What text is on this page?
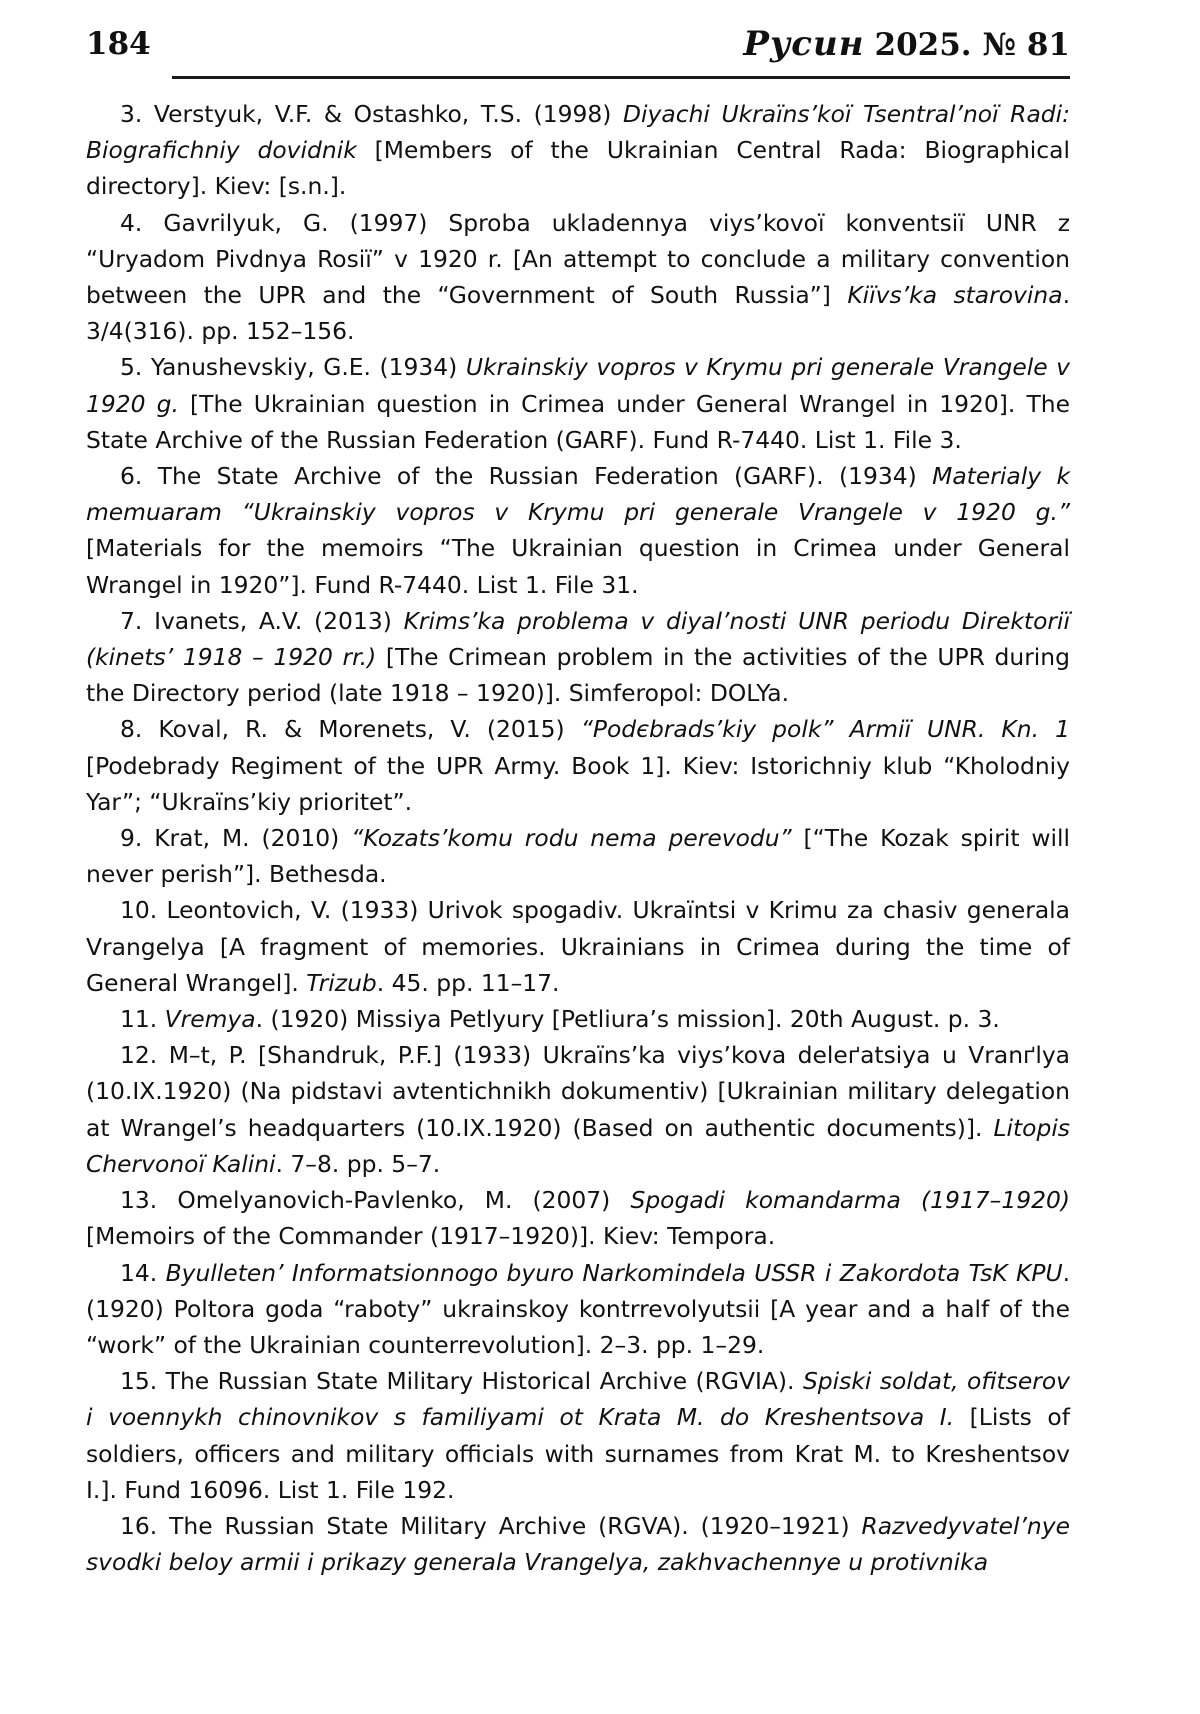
184	Русин 2025. № 81
3. Verstyuk, V.F. & Ostashko, T.S. (1998) Diyachi Ukraïns’koï Tsentral’noï Radi: Biografichniy dovidnik [Members of the Ukrainian Central Rada: Biographical directory]. Kiev: [s.n.].
4. Gavrilyuk, G. (1997) Sproba ukladennya viys’kovoï konventsiï UNR z “Uryadom Pivdnya Rosiï” v 1920 r. [An attempt to conclude a military convention between the UPR and the “Government of South Russia”] Kiïvs’ka starovina. 3/4(316). pp. 152–156.
5. Yanushevskiy, G.E. (1934) Ukrainskiy vopros v Krymu pri generale Vrangele v 1920 g. [The Ukrainian question in Crimea under General Wrangel in 1920]. The State Archive of the Russian Federation (GARF). Fund R-7440. List 1. File 3.
6. The State Archive of the Russian Federation (GARF). (1934) Materialy k memuaram “Ukrainskiy vopros v Krymu pri generale Vrangele v 1920 g.” [Materials for the memoirs “The Ukrainian question in Crimea under General Wrangel in 1920”]. Fund R-7440. List 1. File 31.
7. Ivanets, A.V. (2013) Krims’ka problema v diyal’nosti UNR periodu Direktoriï (kinets’ 1918 – 1920 rr.) [The Crimean problem in the activities of the UPR during the Directory period (late 1918 – 1920)]. Simferopol: DOLYa.
8. Koval, R. & Morenets, V. (2015) “Podєbrads’kiy polk” Armiï UNR. Kn. 1 [Podebrady Regiment of the UPR Army. Book 1]. Kiev: Istorichniy klub “Kholodniy Yar”; “Ukraïns’kiy prioritet”.
9. Krat, M. (2010) “Kozats’komu rodu nema perevodu” [“The Kozak spirit will never perish”]. Bethesda.
10. Leontovich, V. (1933) Urivok spogadiv. Ukraïntsi v Krimu za chasiv generala Vrangelya [A fragment of memories. Ukrainians in Crimea during the time of General Wrangel]. Trizub. 45. pp. 11–17.
11. Vremya. (1920) Missiya Petlyury [Petliura’s mission]. 20th August. p. 3.
12. M–t, P. [Shandruk, P.F.] (1933) Ukraïns’ka viys’kova deleґatsiya u Vranґlya (10.IX.1920) (Na pidstavi avtentichnikh dokumentiv) [Ukrainian military delegation at Wrangel’s headquarters (10.IX.1920) (Based on authentic documents)]. Litopis Chervonoï Kalini. 7–8. pp. 5–7.
13. Omelyanovich-Pavlenko, M. (2007) Spogadi komandarma (1917–1920) [Memoirs of the Commander (1917–1920)]. Kiev: Tempora.
14. Byulleten’ Informatsionnogo byuro Narkomindela USSR i Zakordota TsK KPU. (1920) Poltora goda “raboty” ukrainskoy kontrrevolyutsii [A year and a half of the “work” of the Ukrainian counterrevolution]. 2–3. pp. 1–29.
15. The Russian State Military Historical Archive (RGVIA). Spiski soldat, ofitserov i voennykh chinovnikov s familiyami ot Krata M. do Kreshentsova I. [Lists of soldiers, officers and military officials with surnames from Krat M. to Kreshentsov I.]. Fund 16096. List 1. File 192.
16. The Russian State Military Archive (RGVA). (1920–1921) Razvedyvatel’nye svodki beloy armii i prikazy generala Vrangelya, zakhvachennye u protivnika
